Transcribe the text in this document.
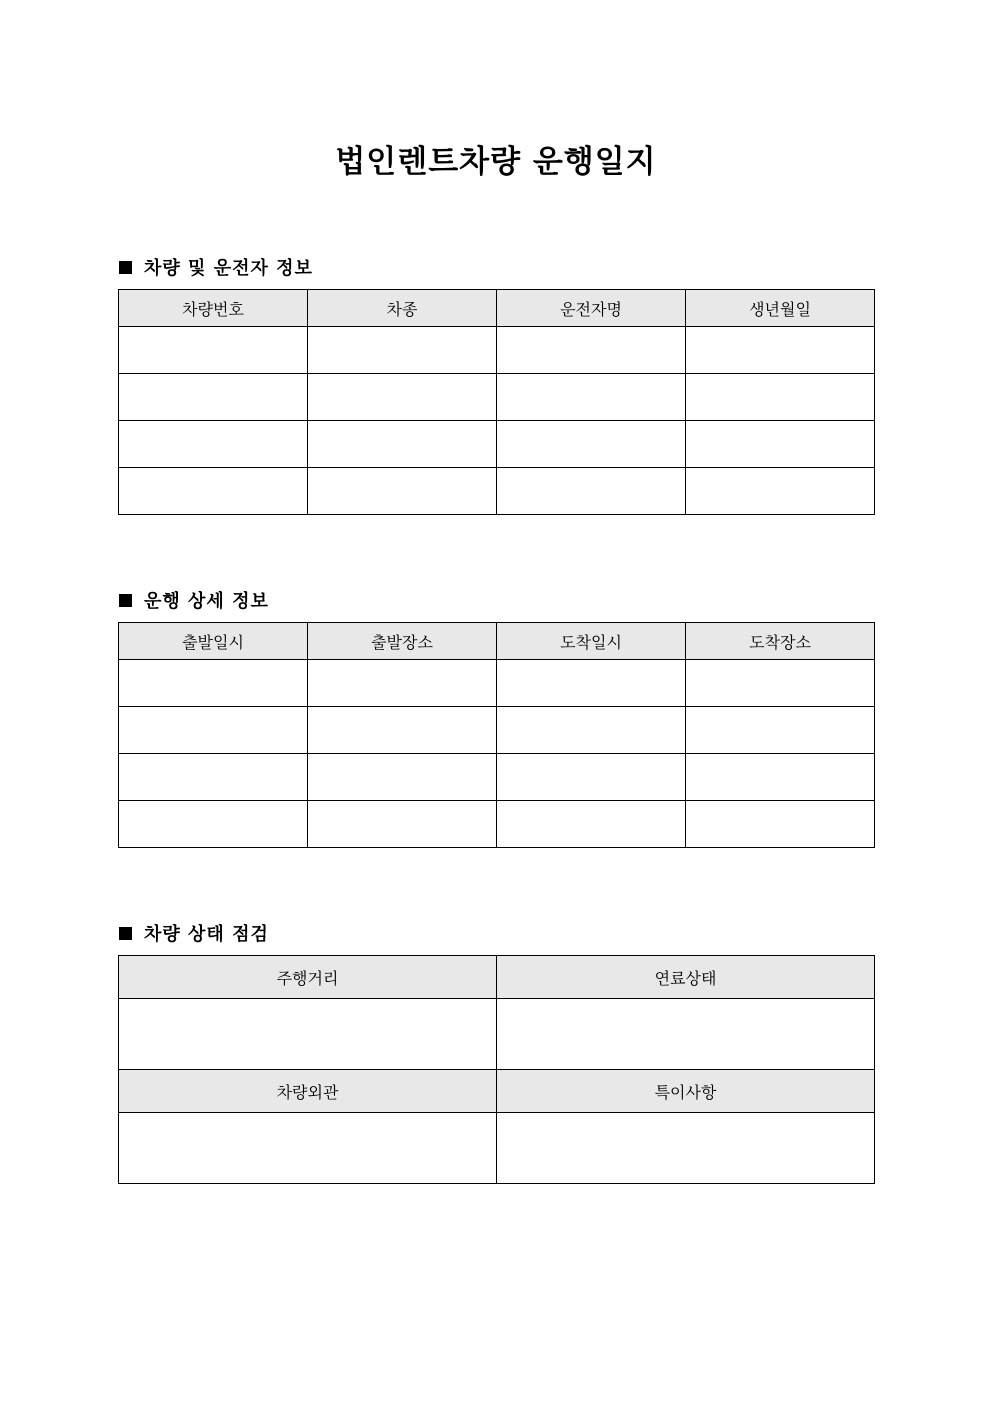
법인렌트차량 운행일지
차량 및 운전자 정보
차량번호	차종	운전자명	생년월일

운행 상세 정보
출발일시	출발장소	도착일시	도착장소

차량 상태 점검
주행거리	연료상태

차량외관	특이사항
